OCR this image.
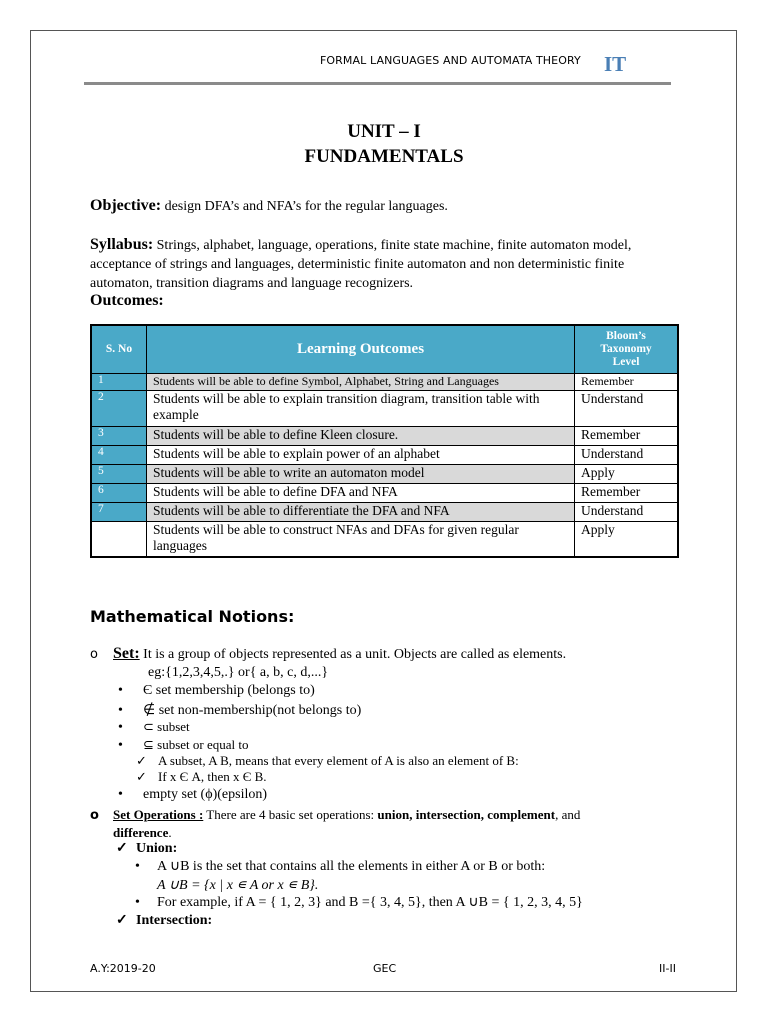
FORMAL LANGUAGES AND AUTOMATA THEORY IT
UNIT – I
FUNDAMENTALS
Objective: design DFA’s and NFA’s for the regular languages.
Syllabus: Strings, alphabet, language, operations, finite state machine, finite automaton model,
acceptance of strings and languages, deterministic finite automaton and non deterministic finite
automaton, transition diagrams and language recognizers.
Outcomes:
S. No	Learning Outcomes	Bloom’s
Taxonomy
Level
1	Students will be able to define Symbol, Alphabet, String and Languages	Remember
2	Students will be able to explain transition diagram, transition table with example	Understand
3	Students will be able to define Kleen closure.	Remember
4	Students will be able to explain power of an alphabet	Understand
5	Students will be able to write an automaton model	Apply
6	Students will be able to define DFA and NFA	Remember
7	Students will be able to differentiate the DFA and NFA	Understand
	Students will be able to construct NFAs and DFAs for given regular languages	Apply
Mathematical Notions:
o Set: It is a group of objects represented as a unit. Objects are called as elements.
eg:{1,2,3,4,5,.} or{ a, b, c, d,...}
• Є set membership (belongs to)
• ∉ set non-membership(not belongs to)
• ⊂ subset
• ⊆ subset or equal to
✓ A subset, A B, means that every element of A is also an element of B:
✓ If x Є A, then x Є B.
• empty set (ϕ)(epsilon)
o Set Operations : There are 4 basic set operations: union, intersection, complement, and
difference.
✓ Union:
• A ∪B is the set that contains all the elements in either A or B or both:
A ∪B = {x | x ∊ A or x ∊ B}.
• For example, if A = { 1, 2, 3} and B ={ 3, 4, 5}, then A ∪B = { 1, 2, 3, 4, 5}
✓ Intersection:
A.Y:2019-20	GEC	II-II
